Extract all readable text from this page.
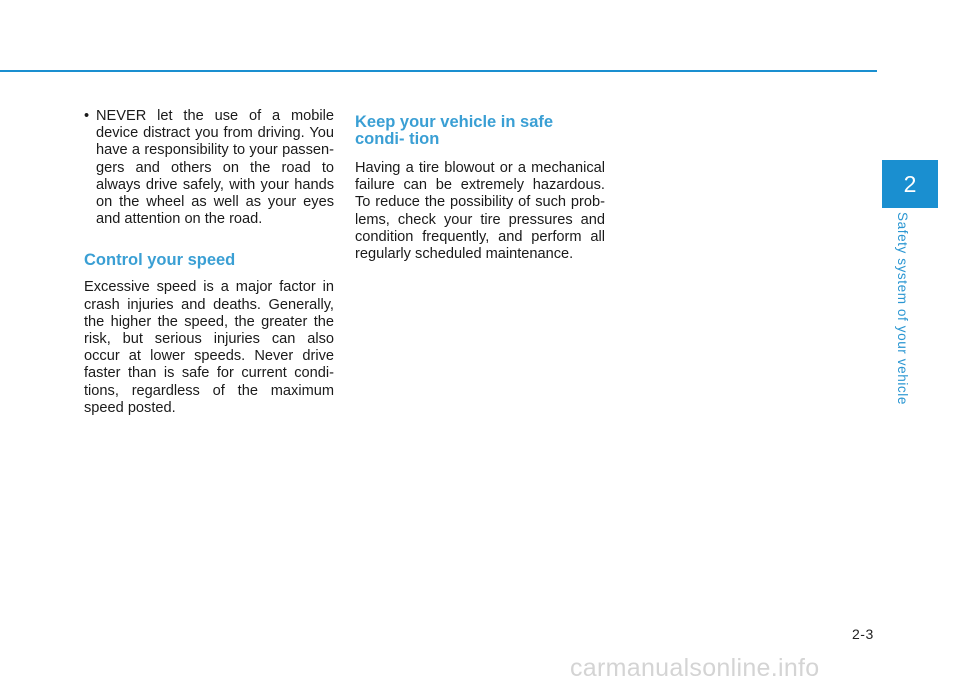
• NEVER let the use of a mobile device distract you from driving. You have a responsibility to your passen- gers and others on the road to always drive safely, with your hands on the wheel as well as your eyes and attention on the road.

Control your speed

Excessive speed is a major factor in crash injuries and deaths. Generally, the higher the speed, the greater the risk, but serious injuries can also occur at lower speeds. Never drive faster than is safe for current condi- tions, regardless of the maximum speed posted.

Keep your vehicle in safe condi- tion

Having a tire blowout or a mechanical failure can be extremely hazardous. To reduce the possibility of such prob- lems, check your tire pressures and condition frequently, and perform all regularly scheduled maintenance.

2
Safety system of your vehicle
2-3
carmanualsonline.info
